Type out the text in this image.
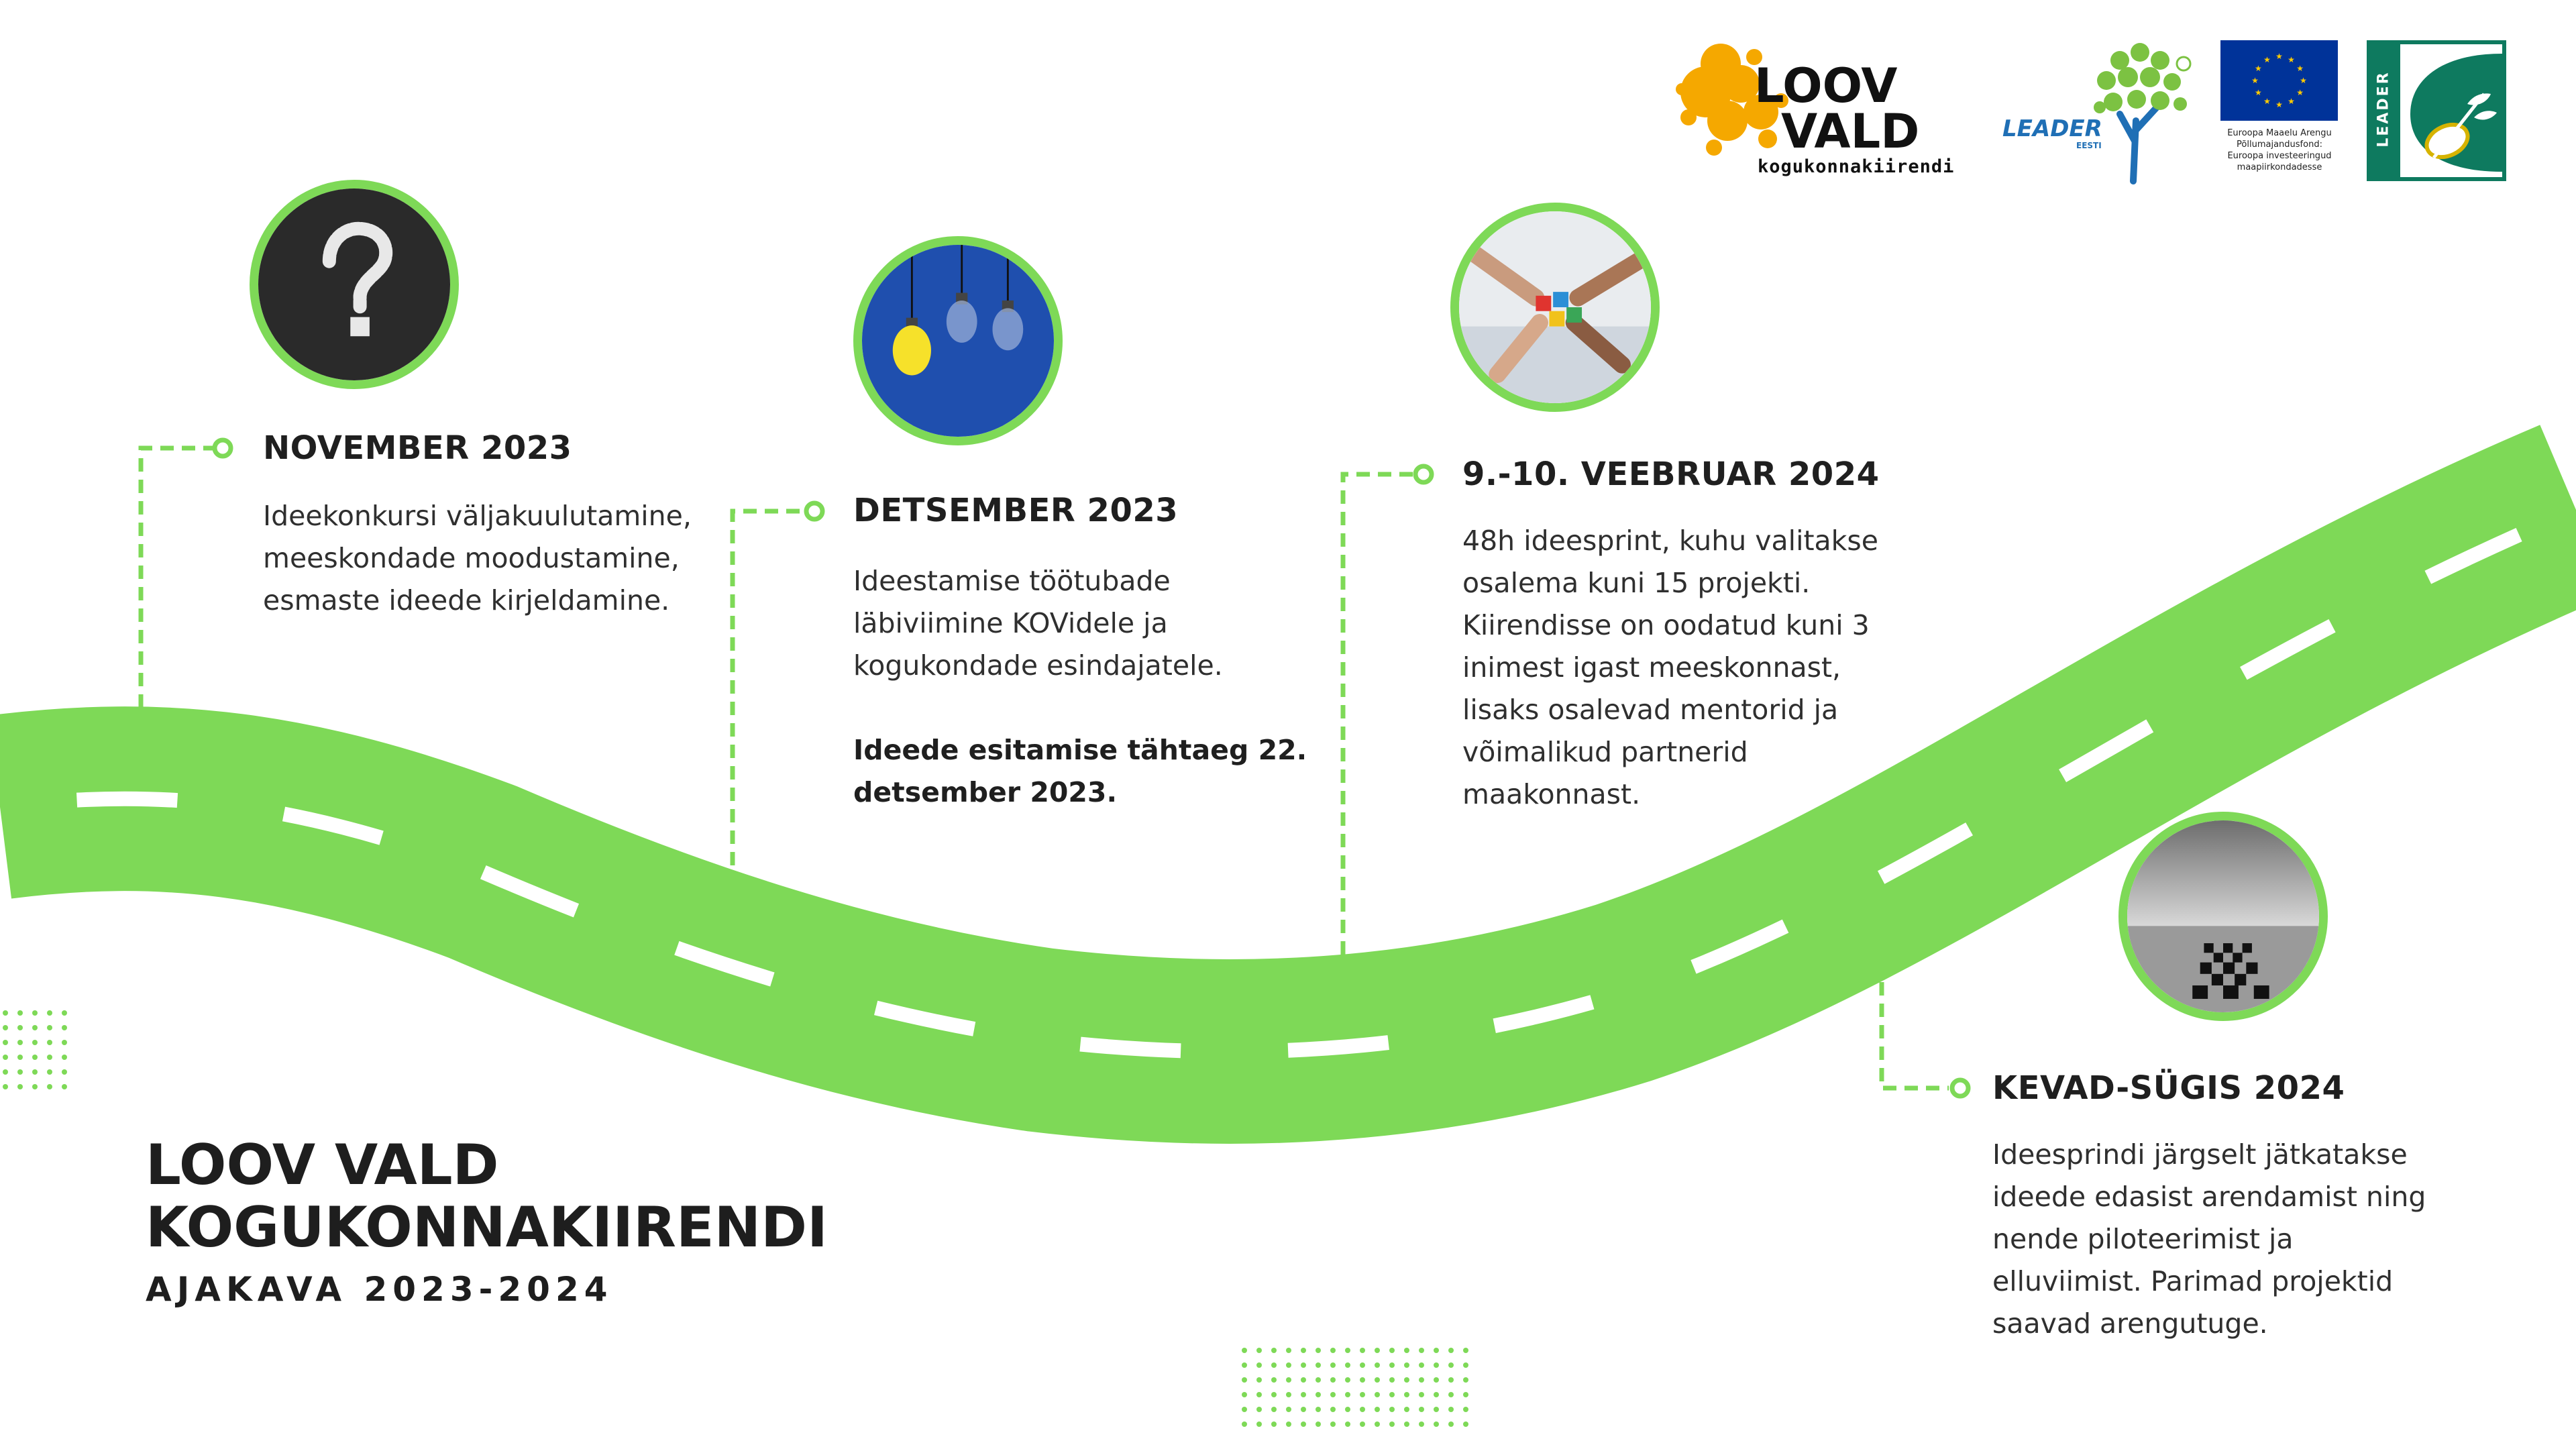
NOVEMBER 2023

Ideekonkursi väljakuulutamine,

meeskondade moodustamine,

esmaste ideede kirjeldamine.

DETSEMBER 2023

Ideestamise töötubade

läbiviimine KOVidele ja

kogukondade esindajatele.

Ideede esitamise tähtaeg 22.

detsember 2023.

9.-10. VEEBRUAR 2024

48h ideesprint, kuhu valitakse

osalema kuni 15 projekti.

Kiirendisse on oodatud kuni 3

inimest igast meeskonnast,

lisaks osalevad mentorid ja

võimalikud partnerid

maakonnast.

KEVAD-SÜGIS 2024

Ideesprindi järgselt jätkatakse

ideede edasist arendamist ning

nende piloteerimist ja

elluviimist. Parimad projektid

saavad arengutuge.

LOOV VALD
KOGUKONNAKIIRENDI
AJAKAVA 2023-2024
LOOV
VALD
kogukonnakiirendi
LEADER
EESTI
★
★
★
★
★
★
★
★
★ ★ ★
★
Euroopa Maaelu Arengu
Põllumajandusfond:
Euroopa investeeringud
maapiirkondadesse
LEADER
